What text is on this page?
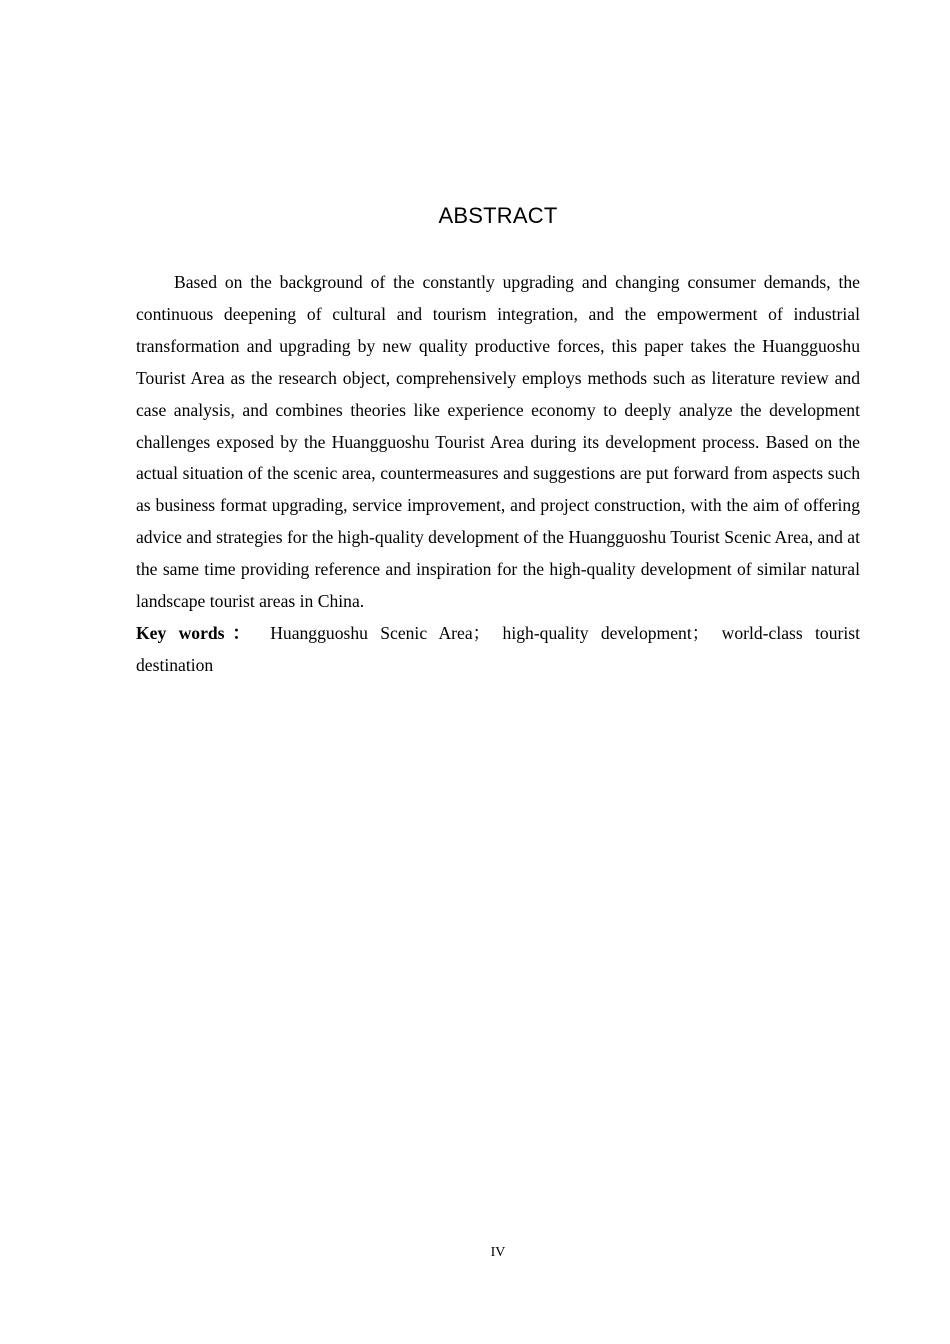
ABSTRACT

Based on the background of the constantly upgrading and changing consumer demands, the continuous deepening of cultural and tourism integration, and the empowerment of industrial transformation and upgrading by new quality productive forces, this paper takes the Huangguoshu Tourist Area as the research object, comprehensively employs methods such as literature review and case analysis, and combines theories like experience economy to deeply analyze the development challenges exposed by the Huangguoshu Tourist Area during its development process. Based on the actual situation of the scenic area, countermeasures and suggestions are put forward from aspects such as business format upgrading, service improvement, and project construction, with the aim of offering advice and strategies for the high-quality development of the Huangguoshu Tourist Scenic Area, and at the same time providing reference and inspiration for the high-quality development of similar natural landscape tourist areas in China.

Key words： Huangguoshu Scenic Area； high-quality development； world-class tourist destination

IV
